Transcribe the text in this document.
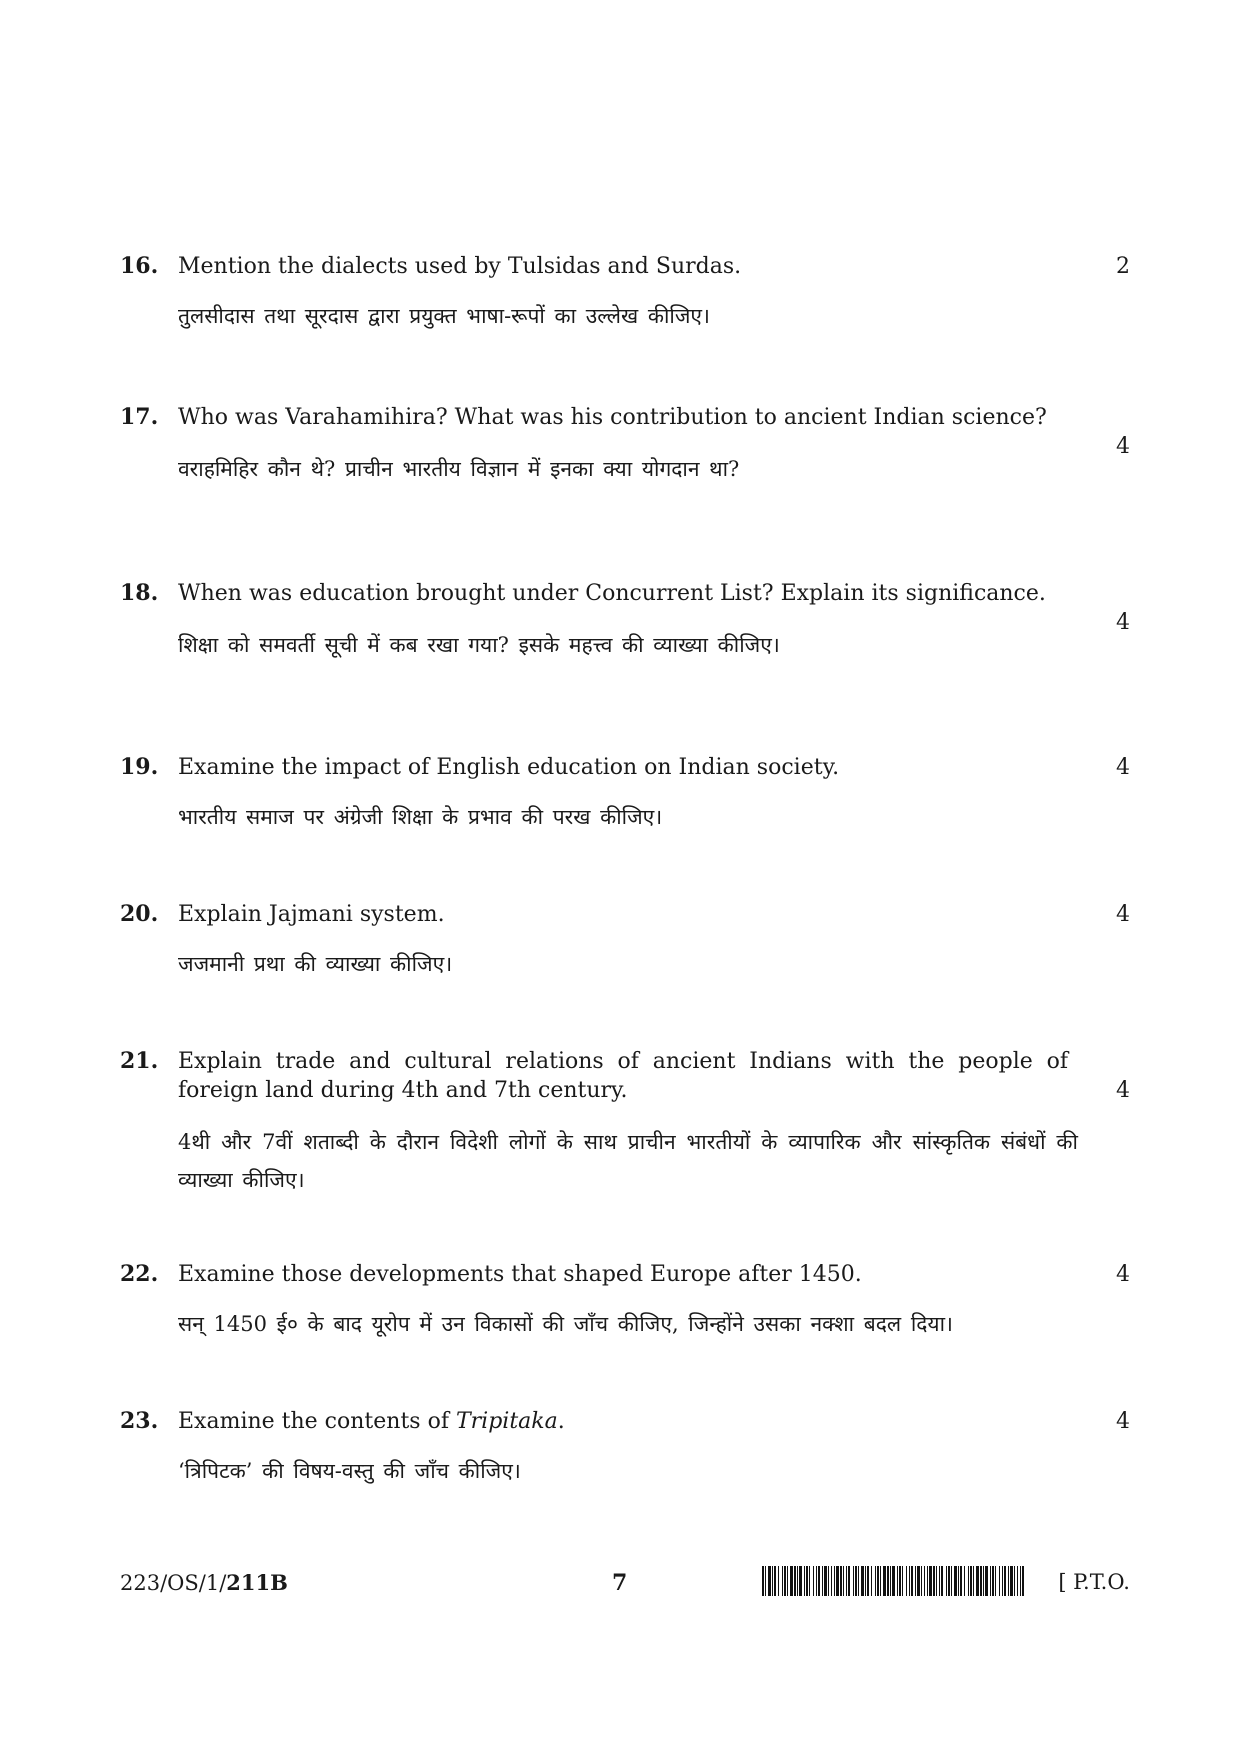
16. Mention the dialects used by Tulsidas and Surdas.	2
तुलसीदास तथा सूरदास द्वारा प्रयुक्त भाषा-रूपों का उल्लेख कीजिए।
17. Who was Varahamihira? What was his contribution to ancient Indian science?
4
वराहमिहिर कौन थे? प्राचीन भारतीय विज्ञान में इनका क्या योगदान था?
18. When was education brought under Concurrent List? Explain its significance.
4
शिक्षा को समवर्ती सूची में कब रखा गया? इसके महत्त्व की व्याख्या कीजिए।
19. Examine the impact of English education on Indian society.	4
भारतीय समाज पर अंग्रेजी शिक्षा के प्रभाव की परख कीजिए।
20. Explain Jajmani system.	4
जजमानी प्रथा की व्याख्या कीजिए।
21. Explain trade and cultural relations of ancient Indians with the people of foreign land during 4th and 7th century.	4
4थी और 7वीं शताब्दी के दौरान विदेशी लोगों के साथ प्राचीन भारतीयों के व्यापारिक और सांस्कृतिक संबंधों की व्याख्या कीजिए।
22. Examine those developments that shaped Europe after 1450.	4
सन् 1450 ई० के बाद यूरोप में उन विकासों की जाँच कीजिए, जिन्होंने उसका नक्शा बदल दिया।
23. Examine the contents of Tripitaka.	4
‘त्रिपिटक’ की विषय-वस्तु की जाँच कीजिए।
223/OS/1/211B	7	[ P.T.O.
